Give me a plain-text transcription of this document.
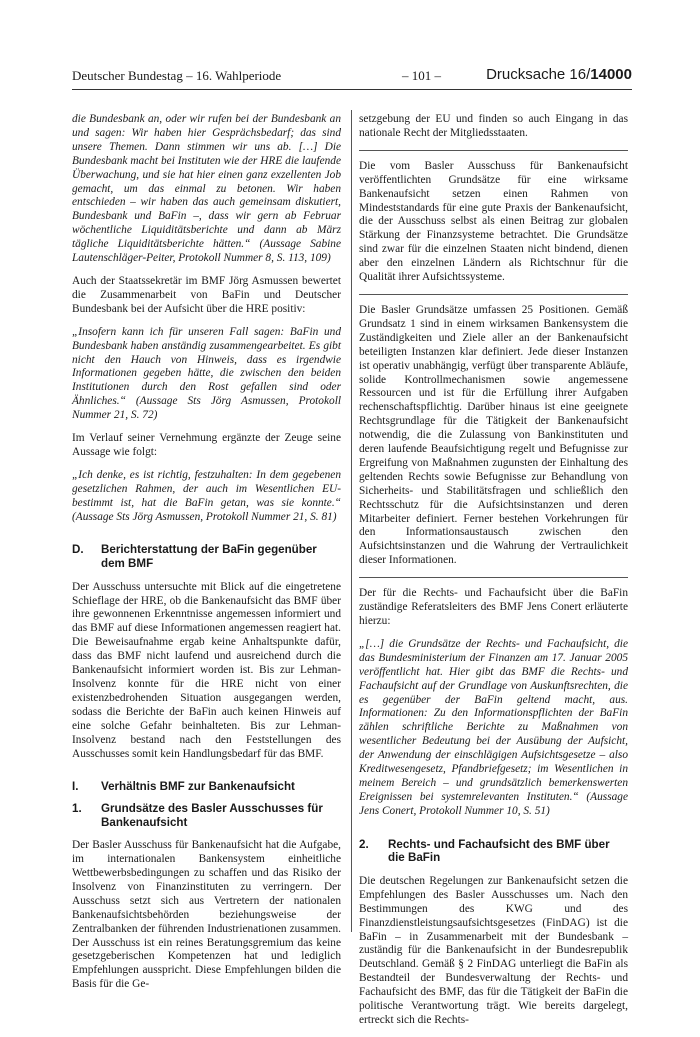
Deutscher Bundestag – 16. Wahlperiode	– 101 –	Drucksache 16/14000

die Bundesbank an, oder wir rufen bei der Bundesbank an und sagen: Wir haben hier Gesprächsbedarf; das sind unsere Themen. Dann stimmen wir uns ab. […] Die Bundesbank macht bei Instituten wie der HRE die laufende Überwachung, und sie hat hier einen ganz exzellenten Job gemacht, um das einmal zu betonen. Wir haben entschieden – wir haben das auch gemeinsam diskutiert, Bundesbank und BaFin –, dass wir gern ab Februar wöchentliche Liquiditätsberichte und dann ab März tägliche Liquiditätsberichte hätten.“ (Aussage Sabine Lautenschläger-Peiter, Protokoll Nummer 8, S. 113, 109)

Auch der Staatssekretär im BMF Jörg Asmussen bewertet die Zusammenarbeit von BaFin und Deutscher Bundesbank bei der Aufsicht über die HRE positiv:

„Insofern kann ich für unseren Fall sagen: BaFin und Bundesbank haben anständig zusammengearbeitet. Es gibt nicht den Hauch von Hinweis, dass es irgendwie Informationen gegeben hätte, die zwischen den beiden Institutionen durch den Rost gefallen sind oder Ähnliches.“ (Aussage Sts Jörg Asmussen, Protokoll Nummer 21, S. 72)

Im Verlauf seiner Vernehmung ergänzte der Zeuge seine Aussage wie folgt:

„Ich denke, es ist richtig, festzuhalten: In dem gegebenen gesetzlichen Rahmen, der auch im Wesentlichen EU-bestimmt ist, hat die BaFin getan, was sie konnte.“ (Aussage Sts Jörg Asmussen, Protokoll Nummer 21, S. 81)

D.	Berichterstattung der BaFin gegenüber dem BMF

Der Ausschuss untersuchte mit Blick auf die eingetretene Schieflage der HRE, ob die Bankenaufsicht das BMF über ihre gewonnenen Erkenntnisse angemessen informiert und das BMF auf diese Informationen angemessen reagiert hat. Die Beweisaufnahme ergab keine Anhaltspunkte dafür, dass das BMF nicht laufend und ausreichend durch die Bankenaufsicht informiert worden ist. Bis zur Lehman-Insolvenz konnte für die HRE nicht von einer existenzbedrohenden Situation ausgegangen werden, sodass die Berichte der BaFin auch keinen Hinweis auf eine solche Gefahr beinhalteten. Bis zur Lehman-Insolvenz bestand nach den Feststellungen des Ausschusses somit kein Handlungsbedarf für das BMF.

I.	Verhältnis BMF zur Bankenaufsicht
1.	Grundsätze des Basler Ausschusses für Bankenaufsicht

Der Basler Ausschuss für Bankenaufsicht hat die Aufgabe, im internationalen Bankensystem einheitliche Wettbewerbsbedingungen zu schaffen und das Risiko der Insolvenz von Finanzinstituten zu verringern. Der Ausschuss setzt sich aus Vertretern der nationalen Bankenaufsichtsbehörden beziehungsweise der Zentralbanken der führenden Industrienationen zusammen. Der Ausschuss ist ein reines Beratungsgremium das keine gesetzgeberischen Kompetenzen hat und lediglich Empfehlungen ausspricht. Diese Empfehlungen bilden die Basis für die Ge-

setzgebung der EU und finden so auch Eingang in das nationale Recht der Mitgliedsstaaten.

Die vom Basler Ausschuss für Bankenaufsicht veröffentlichten Grundsätze für eine wirksame Bankenaufsicht setzen einen Rahmen von Mindeststandards für eine gute Praxis der Bankenaufsicht, die der Ausschuss selbst als einen Beitrag zur globalen Stärkung der Finanzsysteme betrachtet. Die Grundsätze sind zwar für die einzelnen Staaten nicht bindend, dienen aber den einzelnen Ländern als Richtschnur für die Qualität ihrer Aufsichtssysteme.

Die Basler Grundsätze umfassen 25 Positionen. Gemäß Grundsatz 1 sind in einem wirksamen Bankensystem die Zuständigkeiten und Ziele aller an der Bankenaufsicht beteiligten Instanzen klar definiert. Jede dieser Instanzen ist operativ unabhängig, verfügt über transparente Abläufe, solide Kontrollmechanismen sowie angemessene Ressourcen und ist für die Erfüllung ihrer Aufgaben rechenschaftspflichtig. Darüber hinaus ist eine geeignete Rechtsgrundlage für die Tätigkeit der Bankenaufsicht notwendig, die die Zulassung von Bankinstituten und deren laufende Beaufsichtigung regelt und Befugnisse zur Ergreifung von Maßnahmen zugunsten der Einhaltung des geltenden Rechts sowie Befugnisse zur Behandlung von Sicherheits- und Stabilitätsfragen und schließlich den Rechtsschutz für die Aufsichtsinstanzen und deren Mitarbeiter definiert. Ferner bestehen Vorkehrungen für den Informationsaustausch zwischen den Aufsichtsinstanzen und die Wahrung der Vertraulichkeit dieser Informationen.

Der für die Rechts- und Fachaufsicht über die BaFin zuständige Referatsleiters des BMF Jens Conert erläuterte hierzu:

„[…] die Grundsätze der Rechts- und Fachaufsicht, die das Bundesministerium der Finanzen am 17. Januar 2005 veröffentlicht hat. Hier gibt das BMF die Rechts- und Fachaufsicht auf der Grundlage von Auskunftsrechten, die es gegenüber der BaFin geltend macht, aus. Informationen: Zu den Informationspflichten der BaFin zählen schriftliche Berichte zu Maßnahmen von wesentlicher Bedeutung bei der Ausübung der Aufsicht, der Anwendung der einschlägigen Aufsichtsgesetze – also Kreditwesengesetz, Pfandbriefgesetz; im Wesentlichen in meinem Bereich – und grundsätzlich bemerkenswerten Ereignissen bei systemrelevanten Instituten.“ (Aussage Jens Conert, Protokoll Nummer 10, S. 51)

2.	Rechts- und Fachaufsicht des BMF über die BaFin

Die deutschen Regelungen zur Bankenaufsicht setzen die Empfehlungen des Basler Ausschusses um. Nach den Bestimmungen des KWG und des Finanzdienstleistungsaufsichtsgesetzes (FinDAG) ist die BaFin – in Zusammenarbeit mit der Bundesbank – zuständig für die Bankenaufsicht in der Bundesrepublik Deutschland. Gemäß § 2 FinDAG unterliegt die BaFin als Bestandteil der Bundesverwaltung der Rechts- und Fachaufsicht des BMF, das für die Tätigkeit der BaFin die politische Verantwortung trägt. Wie bereits dargelegt, ertreckt sich die Rechts-
